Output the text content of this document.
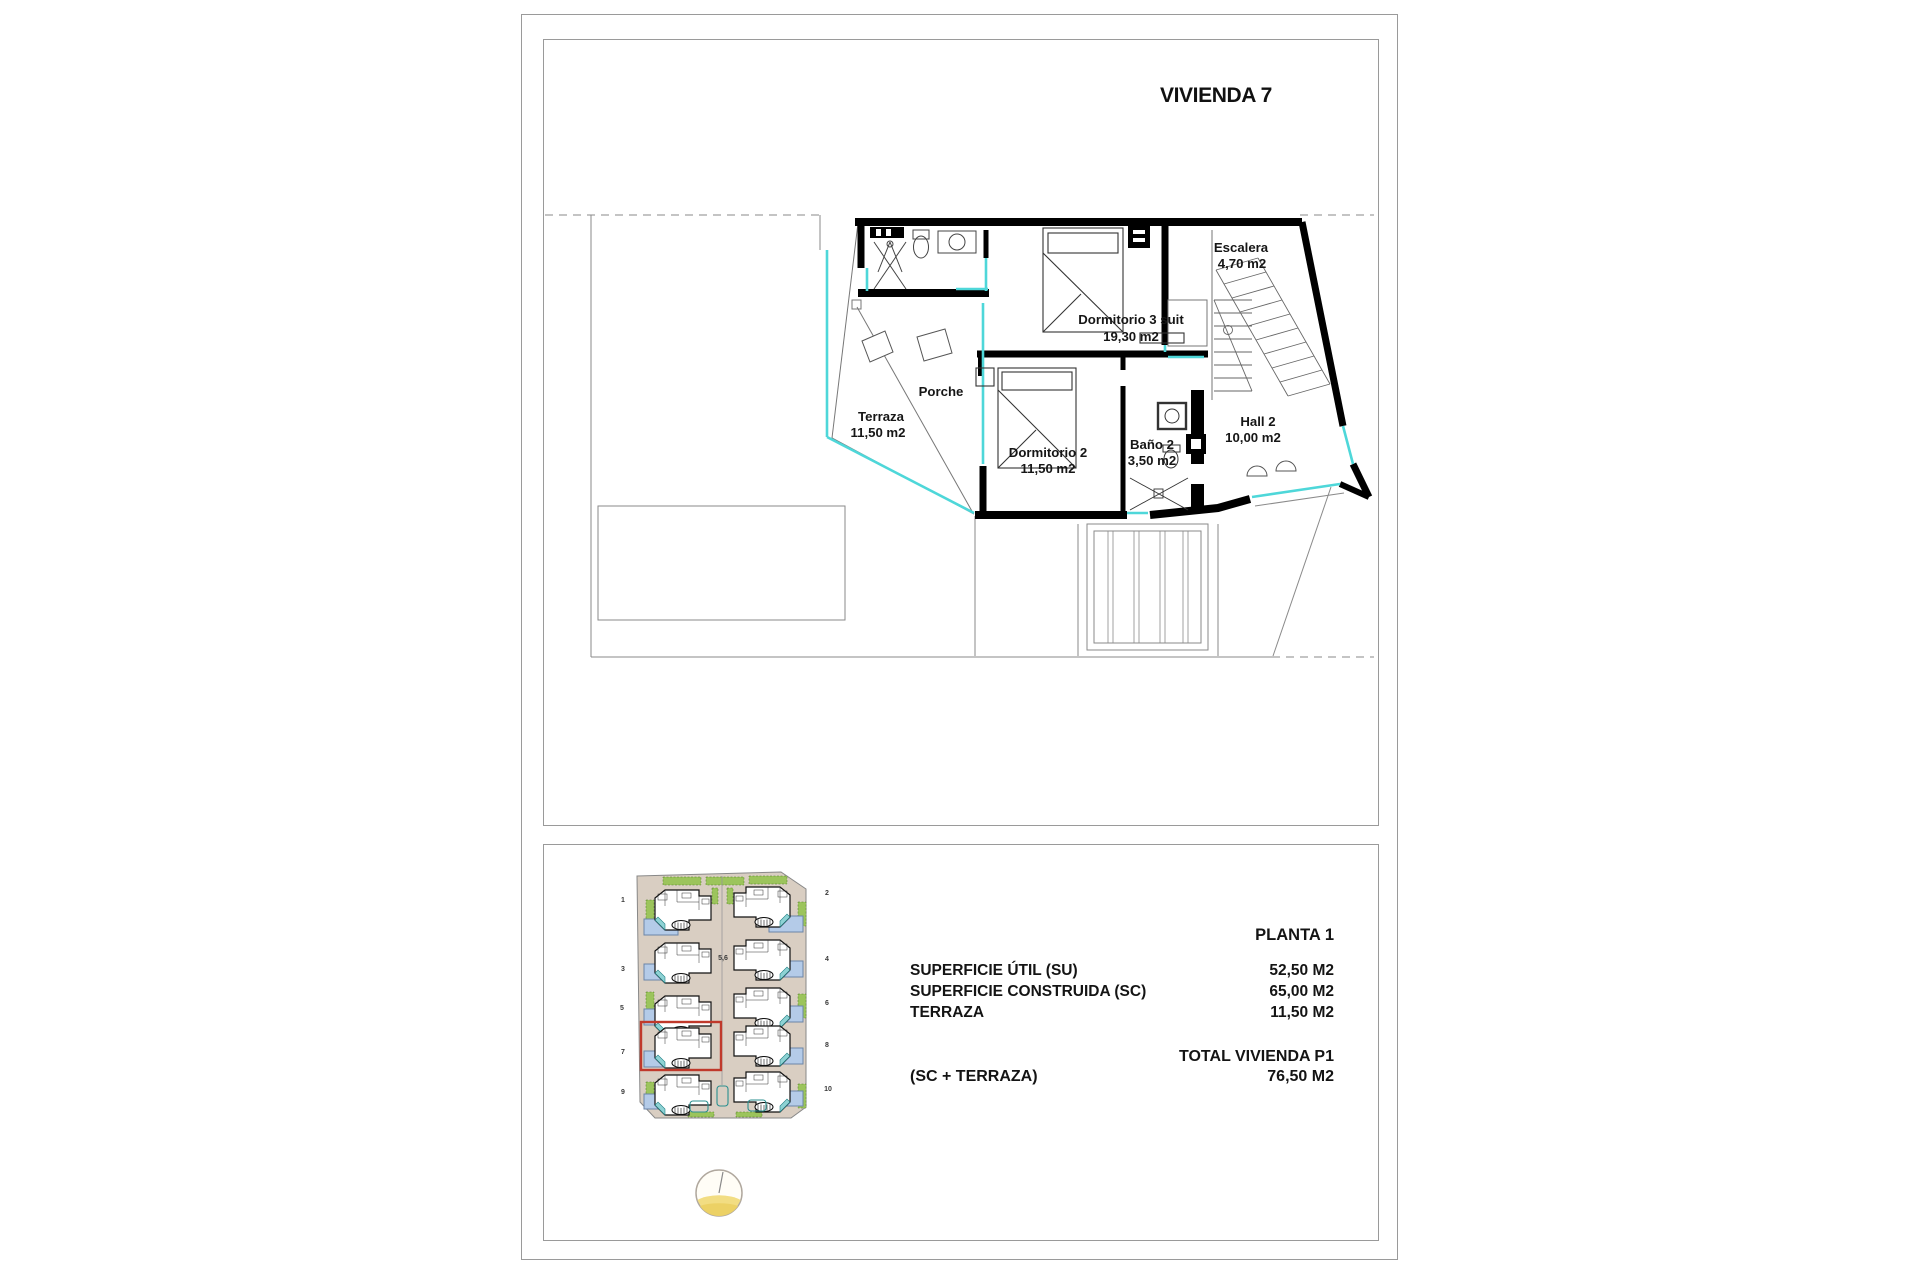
VIVIENDA 7
Escalera
4,70 m2
Dormitorio 3 suit
19,30 m2
Porche
Terraza
11,50 m2
Dormitorio 2
11,50 m2
Baño 2
3,50 m2
Hall 2
10,00 m2
1
3
5
7
9
2
4
6
8
10
5,6
PLANTA 1
SUPERFICIE ÚTIL (SU)	52,50 M2
SUPERFICIE CONSTRUIDA (SC)	65,00 M2
TERRAZA	11,50 M2
TOTAL VIVIENDA P1
(SC + TERRAZA)	76,50 M2
